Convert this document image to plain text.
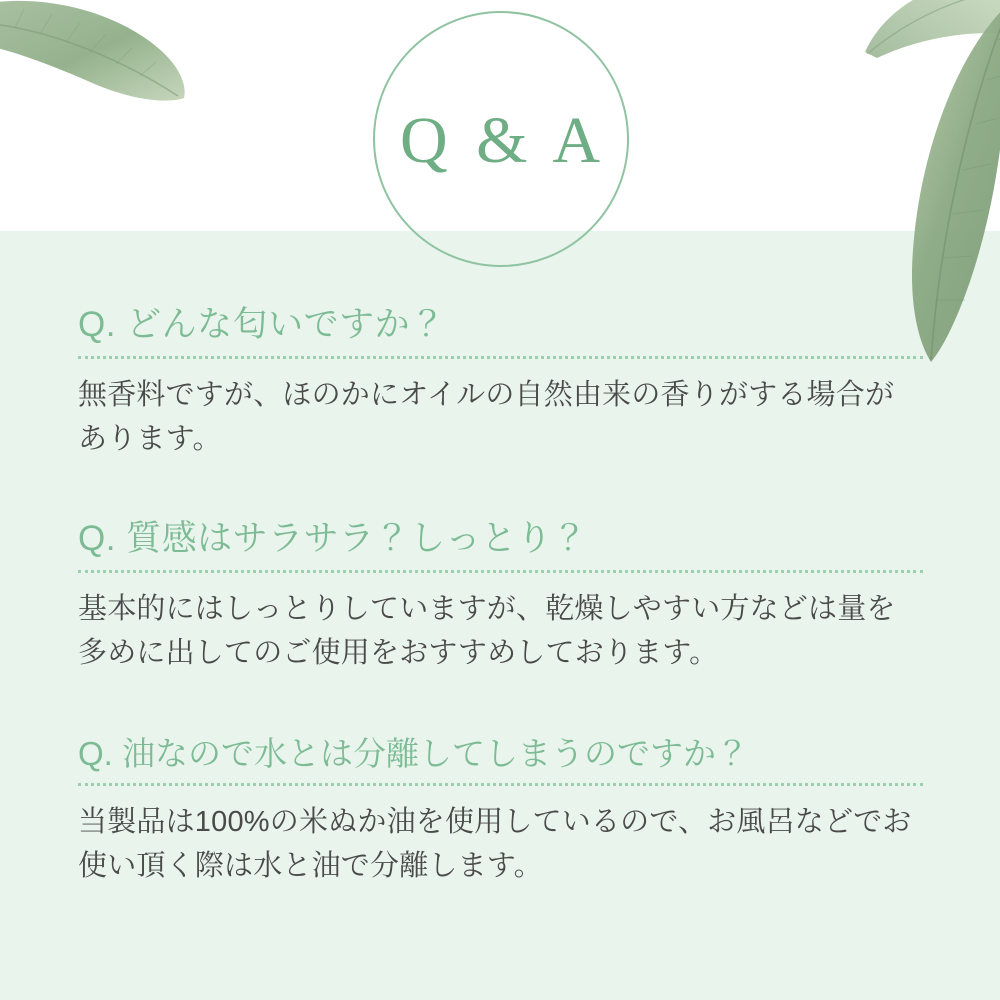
Q & A
Q. どんな匂いですか？
無香料ですが、ほのかにオイルの自然由来の香りがする場合があります。
Q. 質感はサラサラ？しっとり？
基本的にはしっとりしていますが、乾燥しやすい方などは量を多めに出してのご使用をおすすめしております。
Q. 油なので水とは分離してしまうのですか？
当製品は100%の米ぬか油を使用しているので、お風呂などでお使い頂く際は水と油で分離します。
